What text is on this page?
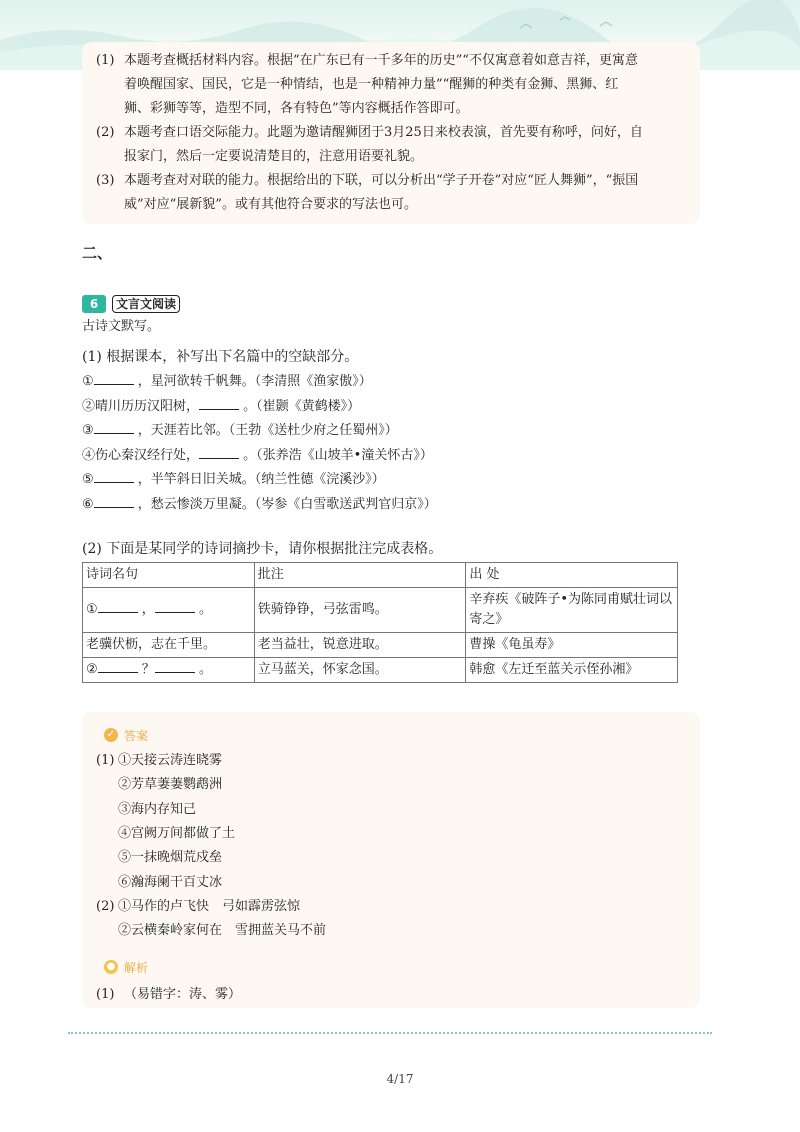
(1) 本题考查概括材料内容。根据“在广东已有一千多年的历史”“不仅寓意着如意吉祥，更寓意
着唤醒国家、国民，它是一种情结，也是一种精神力量”“醒狮的种类有金狮、黑狮、红
狮、彩狮等等，造型不同，各有特色”等内容概括作答即可。
(2) 本题考查口语交际能力。此题为邀请醒狮团于3月25日来校表演，首先要有称呼，问好，自
报家门，然后一定要说清楚目的，注意用语要礼貌。
(3) 本题考查对对联的能力。根据给出的下联，可以分析出“学子开卷”对应“匠人舞狮”，“振国
威”对应“展新貌”。或有其他符合要求的写法也可。
二、
6	文言文阅读
古诗文默写。
(1) 根据课本，补写出下名篇中的空缺部分。
①	，星河欲转千帆舞。（李清照《渔家傲》）
②晴川历历汉阳树，	。（崔颢《黄鹤楼》）
③	，天涯若比邻。（王勃《送杜少府之任蜀州》）
④伤心秦汉经行处，	。（张养浩《山坡羊•潼关怀古》）
⑤	，半竿斜日旧关城。（纳兰性德《浣溪沙》）
⑥	，愁云惨淡万里凝。（岑参《白雪歌送武判官归京》）
(2) 下面是某同学的诗词摘抄卡，请你根据批注完成表格。
诗词名句	批注	出 处
① ， 。	铁骑铮铮，弓弦雷鸣。	辛弃疾《破阵子•为陈同甫赋壮词以寄之》
老骥伏枥，志在千里。	老当益壮，锐意进取。	曹操《龟虽寿》
② ？ 。	立马蓝关，怀家念国。	韩愈《左迁至蓝关示侄孙湘》
✓ 答案
(1) ①天接云涛连晓雾
②芳草萋萋鹦鹉洲
③海内存知己
④宫阙万间都做了土
⑤一抹晚烟荒戍垒
⑥瀚海阑干百丈冰
(2) ①马作的卢飞快　弓如霹雳弦惊
②云横秦岭家何在　雪拥蓝关马不前
● 解析
(1) （易错字：涛、雾）
4/17
